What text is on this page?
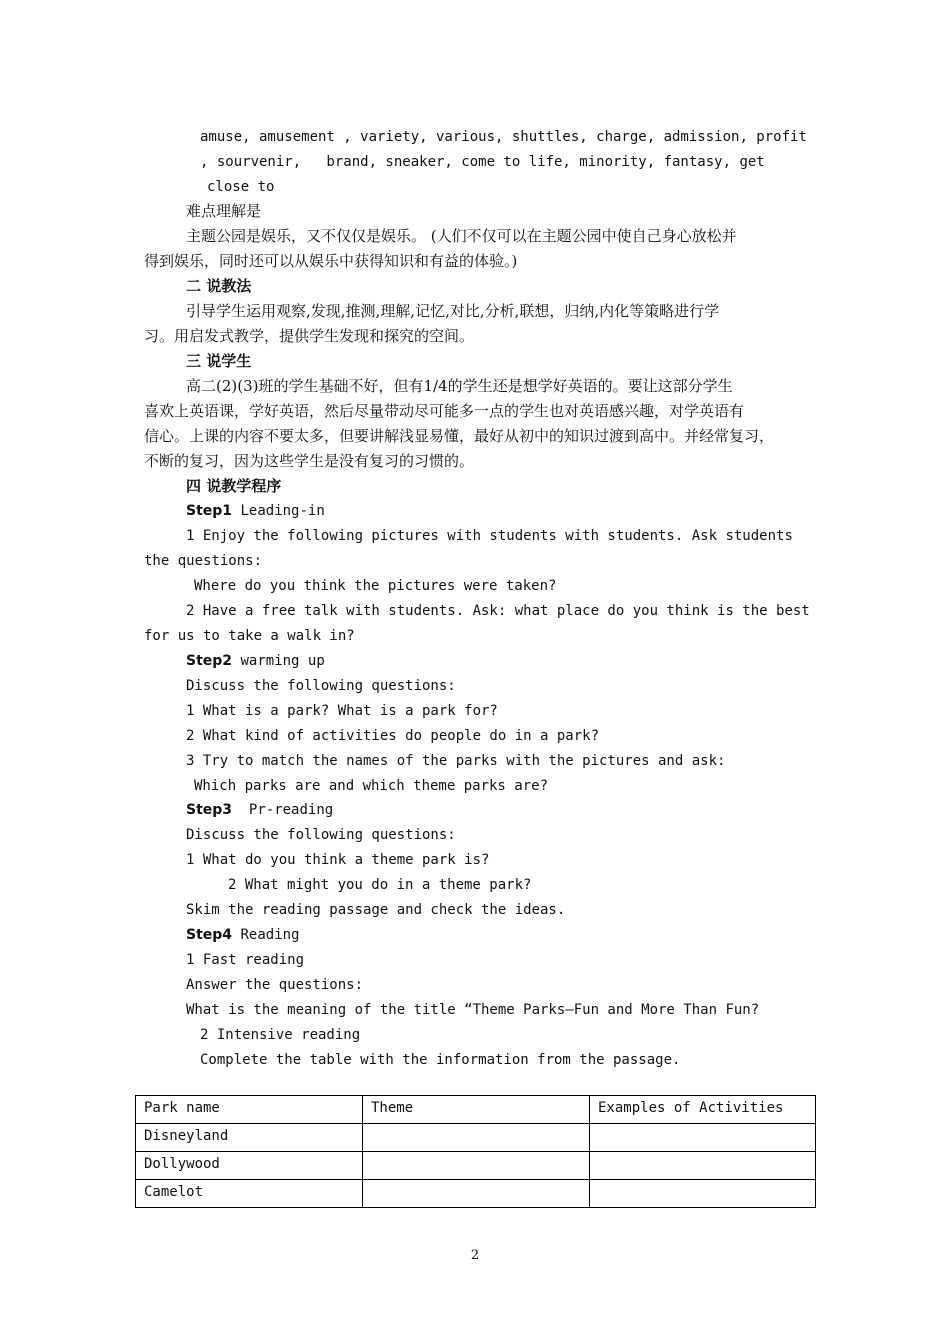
amuse, amusement , variety, various, shuttles, charge, admission, profit
, sourvenir,   brand, sneaker, come to life, minority, fantasy, get
close to
难点理解是
主题公园是娱乐，又不仅仅是娱乐。 (人们不仅可以在主题公园中使自己身心放松并
得到娱乐，同时还可以从娱乐中获得知识和有益的体验。)
二 说教法
引导学生运用观察,发现,推测,理解,记忆,对比,分析,联想，归纳,内化等策略进行学
习。用启发式教学，提供学生发现和探究的空间。
三 说学生
高二(2)(3)班的学生基础不好，但有1/4的学生还是想学好英语的。要让这部分学生
喜欢上英语课，学好英语，然后尽量带动尽可能多一点的学生也对英语感兴趣，对学英语有
信心。上课的内容不要太多，但要讲解浅显易懂，最好从初中的知识过渡到高中。并经常复习，
不断的复习，因为这些学生是没有复习的习惯的。
四 说教学程序
Step1 Leading-in
1 Enjoy the following pictures with students with students. Ask students
the questions:
Where do you think the pictures were taken?
2 Have a free talk with students. Ask: what place do you think is the best
for us to take a walk in?
Step2 warming up
Discuss the following questions:
1 What is a park? What is a park for?
2 What kind of activities do people do in a park?
3 Try to match the names of the parks with the pictures and ask:
Which parks are and which theme parks are?
Step3  Pr-reading
Discuss the following questions:
1 What do you think a theme park is?
2 What might you do in a theme park?
Skim the reading passage and check the ideas.
Step4 Reading
1 Fast reading
Answer the questions:
What is the meaning of the title “Theme Parks—Fun and More Than Fun?
2 Intensive reading
Complete the table with the information from the passage.
Park name	Theme	Examples of Activities
Disneyland		
Dollywood		
Camelot		
2
